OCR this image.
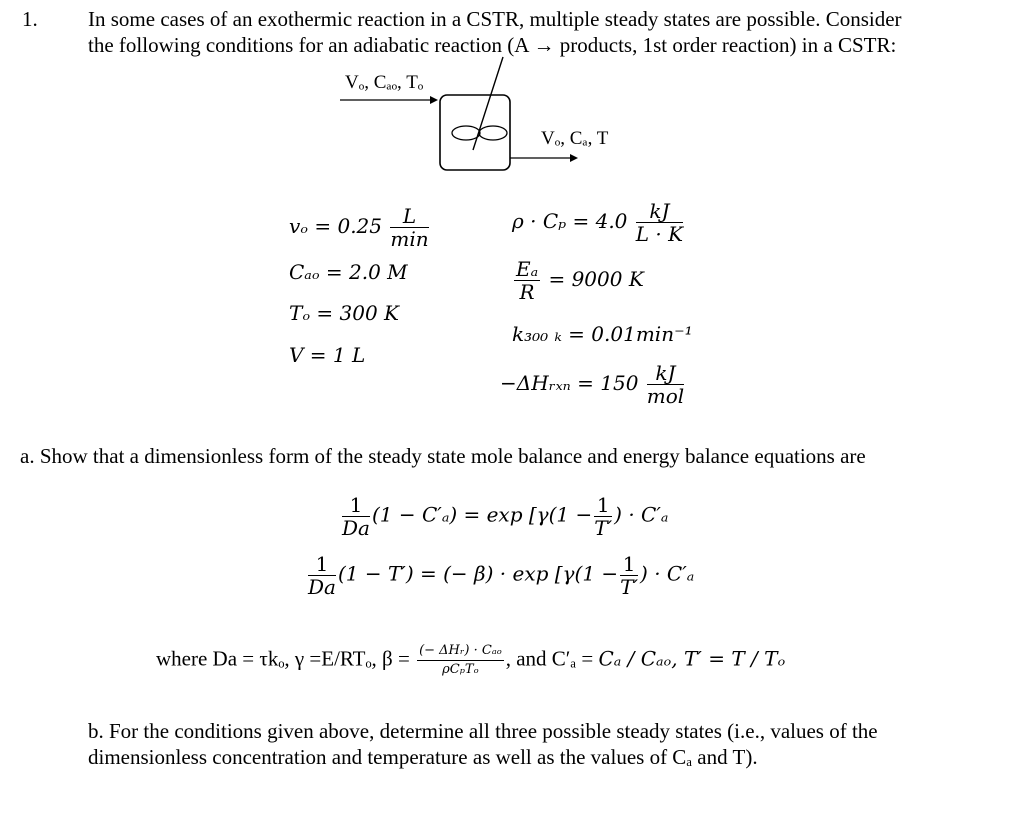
1. In some cases of an exothermic reaction in a CSTR, multiple steady states are possible. Consider
the following conditions for an adiabatic reaction (A → products, 1st order reaction) in a CSTR:
Vₒ, Cₐₒ, Tₒ
Vₒ, Cₐ, T
$v_o = 0.25 \frac{L}{\min}$
Cₐₒ = 2.0 M
Tₒ = 300 K
V = 1 L
$\rho \cdot C_p = 4.0 \frac{kJ}{L \cdot K}$
$\frac{\text{Eₐ}}{R} = 9000$ K
k₃₀₀ ₖ = 0.01min⁻¹
−ΔHᵣₓₙ = $150 \frac{kJ}{\text{mol}}$
a. Show that a dimensionless form of the steady state mole balance and energy balance equations are
$\frac{1}{Da} (1 - C'_a) = \exp [\gamma(1 - \frac{1}{T'}$ ) · C′ₐ
$\frac{1}{Da} (1 - T')$ = (− $\beta) \cdot \exp [\gamma(1 - \frac{1}{T'}$ ) · C′ₐ
where Da = τkₒ, γ =E/RTₒ, $\beta = \frac{\text{(− ΔHᵣ) · Cₐₒ}}{\text{ρCₚTₒ}}$ , and C′ₐ = Cₐ / Cₐₒ, T′ = T / Tₒ
b. For the conditions given above, determine all three possible steady states (i.e., values of the
dimensionless concentration and temperature as well as the values of Cₐ and T).
